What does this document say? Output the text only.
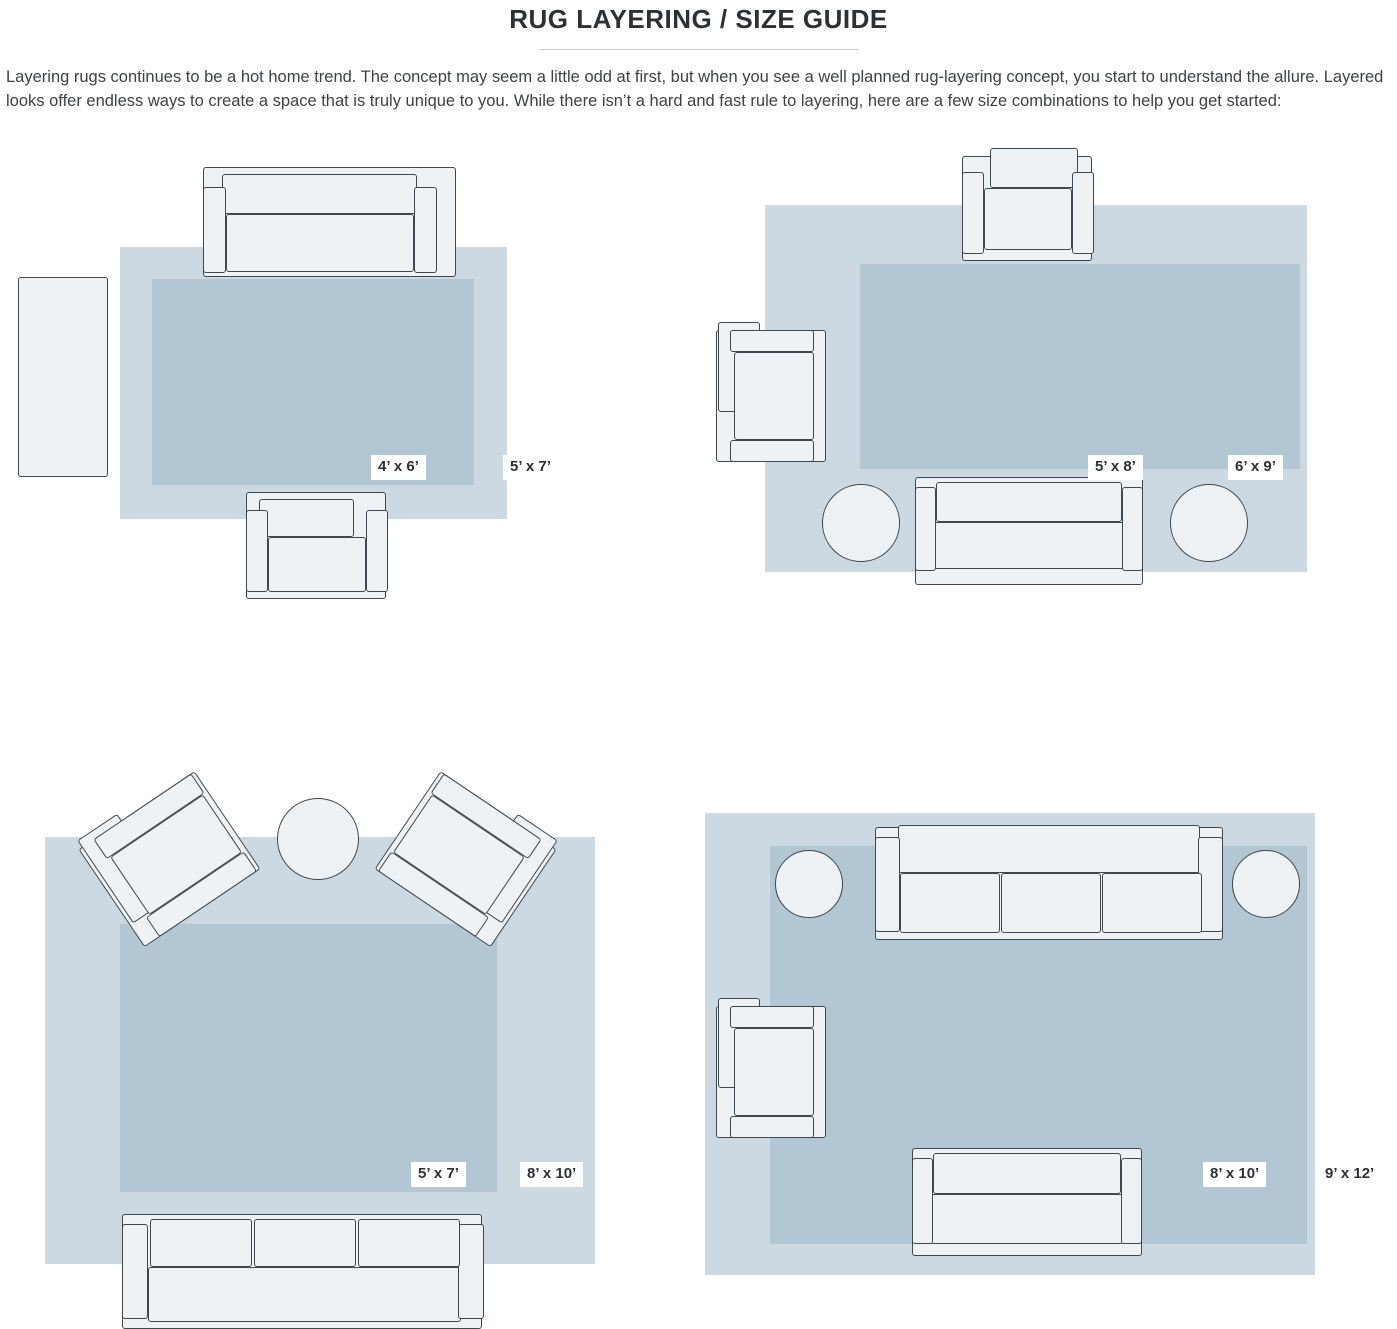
RUG LAYERING / SIZE GUIDE
Layering rugs continues to be a hot home trend. The concept may seem a little odd at first, but when you see a well planned rug-layering concept, you start to understand the allure. Layered looks offer endless ways to create a space that is truly unique to you. While there isn’t a hard and fast rule to layering, here are a few size combinations to help you get started:
4’ x 6’	5’ x 7’	5’ x 8’	6’ x 9’
5’ x 7’	8’ x 10’	8’ x 10’	9’ x 12’
